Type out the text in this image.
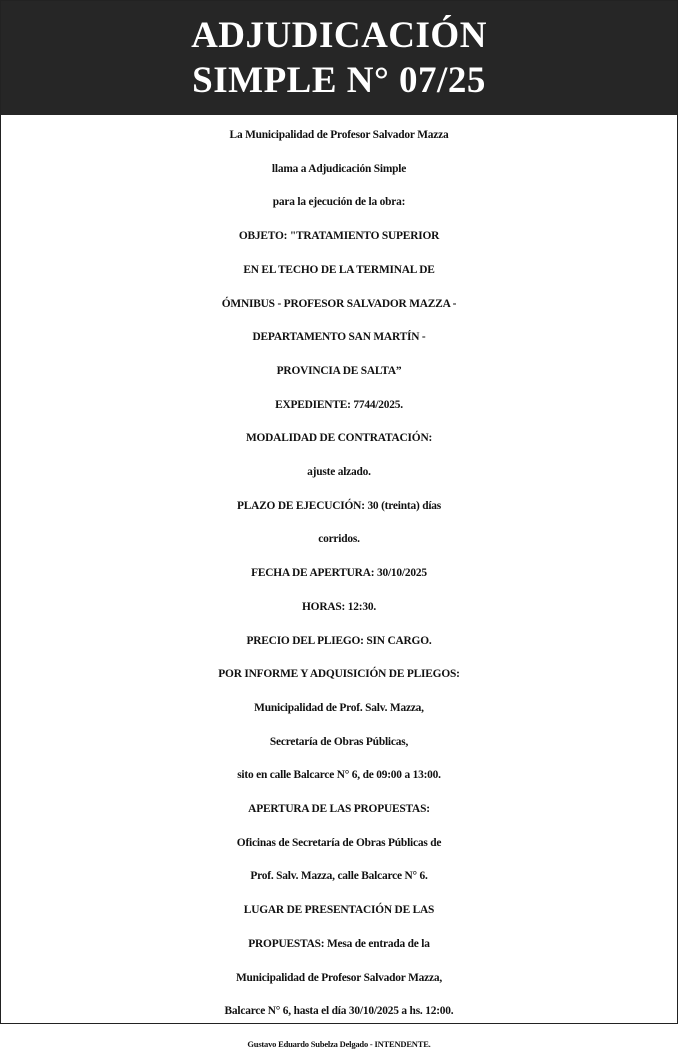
ADJUDICACIÓN
SIMPLE N° 07/25
La Municipalidad de Profesor Salvador Mazza
llama a Adjudicación Simple
para la ejecución de la obra:
OBJETO: "TRATAMIENTO SUPERIOR
EN EL TECHO DE LA TERMINAL DE
ÓMNIBUS - PROFESOR SALVADOR MAZZA -
DEPARTAMENTO SAN MARTÍN -
PROVINCIA DE SALTA”
EXPEDIENTE: 7744/2025.
MODALIDAD DE CONTRATACIÓN:
ajuste alzado.
PLAZO DE EJECUCIÓN: 30 (treinta) días
corridos.
FECHA DE APERTURA: 30/10/2025
HORAS: 12:30.
PRECIO DEL PLIEGO: SIN CARGO.
POR INFORME Y ADQUISICIÓN DE PLIEGOS:
Municipalidad de Prof. Salv. Mazza,
Secretaría de Obras Públicas,
sito en calle Balcarce N° 6, de 09:00 a 13:00.
APERTURA DE LAS PROPUESTAS:
Oficinas de Secretaría de Obras Públicas de
Prof. Salv. Mazza, calle Balcarce N° 6.
LUGAR DE PRESENTACIÓN DE LAS
PROPUESTAS: Mesa de entrada de la
Municipalidad de Profesor Salvador Mazza,
Balcarce N° 6, hasta el día 30/10/2025 a hs. 12:00.
Gustavo Eduardo Subelza Delgado - INTENDENTE.
